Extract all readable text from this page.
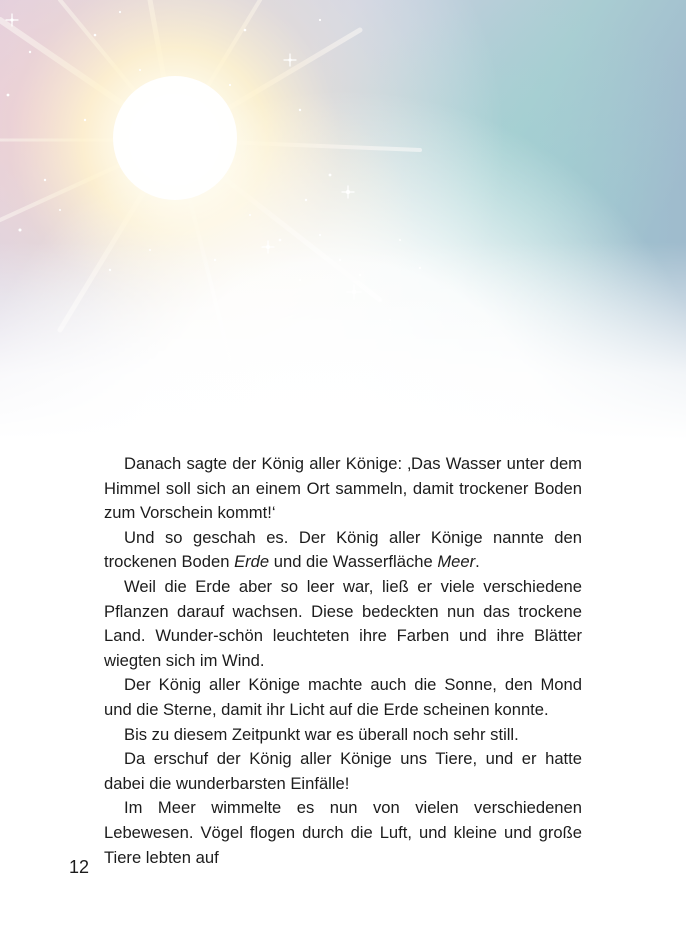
Danach sagte der König aller Könige: ‚Das Wasser unter dem Himmel soll sich an einem Ort sammeln, damit trockener Boden zum Vorschein kommt!‘

Und so geschah es. Der König aller Könige nannte den trockenen Boden Erde und die Wasserfläche Meer.

Weil die Erde aber so leer war, ließ er viele verschiedene Pflanzen darauf wachsen. Diese bedeckten nun das trockene Land. Wunder-schön leuchteten ihre Farben und ihre Blätter wiegten sich im Wind.

Der König aller Könige machte auch die Sonne, den Mond und die Sterne, damit ihr Licht auf die Erde scheinen konnte.

Bis zu diesem Zeitpunkt war es überall noch sehr still.

Da erschuf der König aller Könige uns Tiere, und er hatte dabei die wunderbarsten Einfälle!

Im Meer wimmelte es nun von vielen verschiedenen Lebewesen. Vögel flogen durch die Luft, und kleine und große Tiere lebten auf

12
